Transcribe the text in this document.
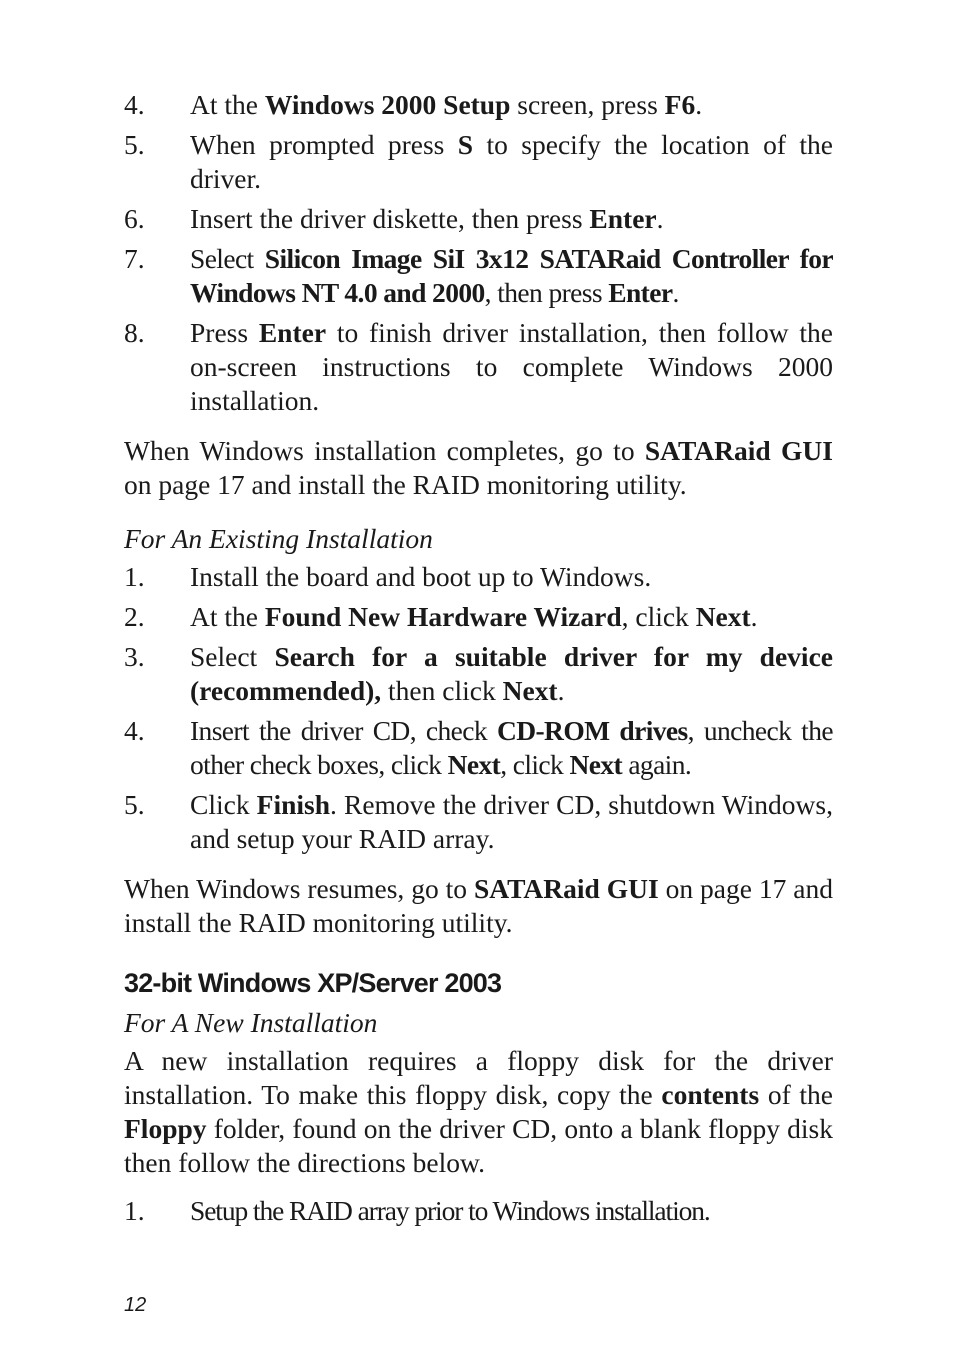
4.	At the Windows 2000 Setup screen, press F6.
5.	When prompted press S to specify the location of the driver.
6.	Insert the driver diskette, then press Enter.
7.	Select Silicon Image SiI 3x12 SATARaid Controller for Windows NT 4.0 and 2000, then press Enter.
8.	Press Enter to finish driver installation, then follow the on-screen instructions to complete Windows 2000 installation.
When Windows installation completes, go to SATARaid GUI on page 17 and install the RAID monitoring utility.
For An Existing Installation
1.	Install the board and boot up to Windows.
2.	At the Found New Hardware Wizard, click Next.
3.	Select Search for a suitable driver for my device (recommended), then click Next.
4.	Insert the driver CD, check CD-ROM drives, uncheck the other check boxes, click Next, click Next again.
5.	Click Finish. Remove the driver CD, shutdown Windows, and setup your RAID array.
When Windows resumes, go to SATARaid GUI on page 17 and install the RAID monitoring utility.
32-bit Windows XP/Server 2003
For A New Installation
A new installation requires a floppy disk for the driver installation. To make this floppy disk, copy the contents of the Floppy folder, found on the driver CD, onto a blank floppy disk then follow the directions below.
1.	Setup the RAID array prior to Windows installation.
12
